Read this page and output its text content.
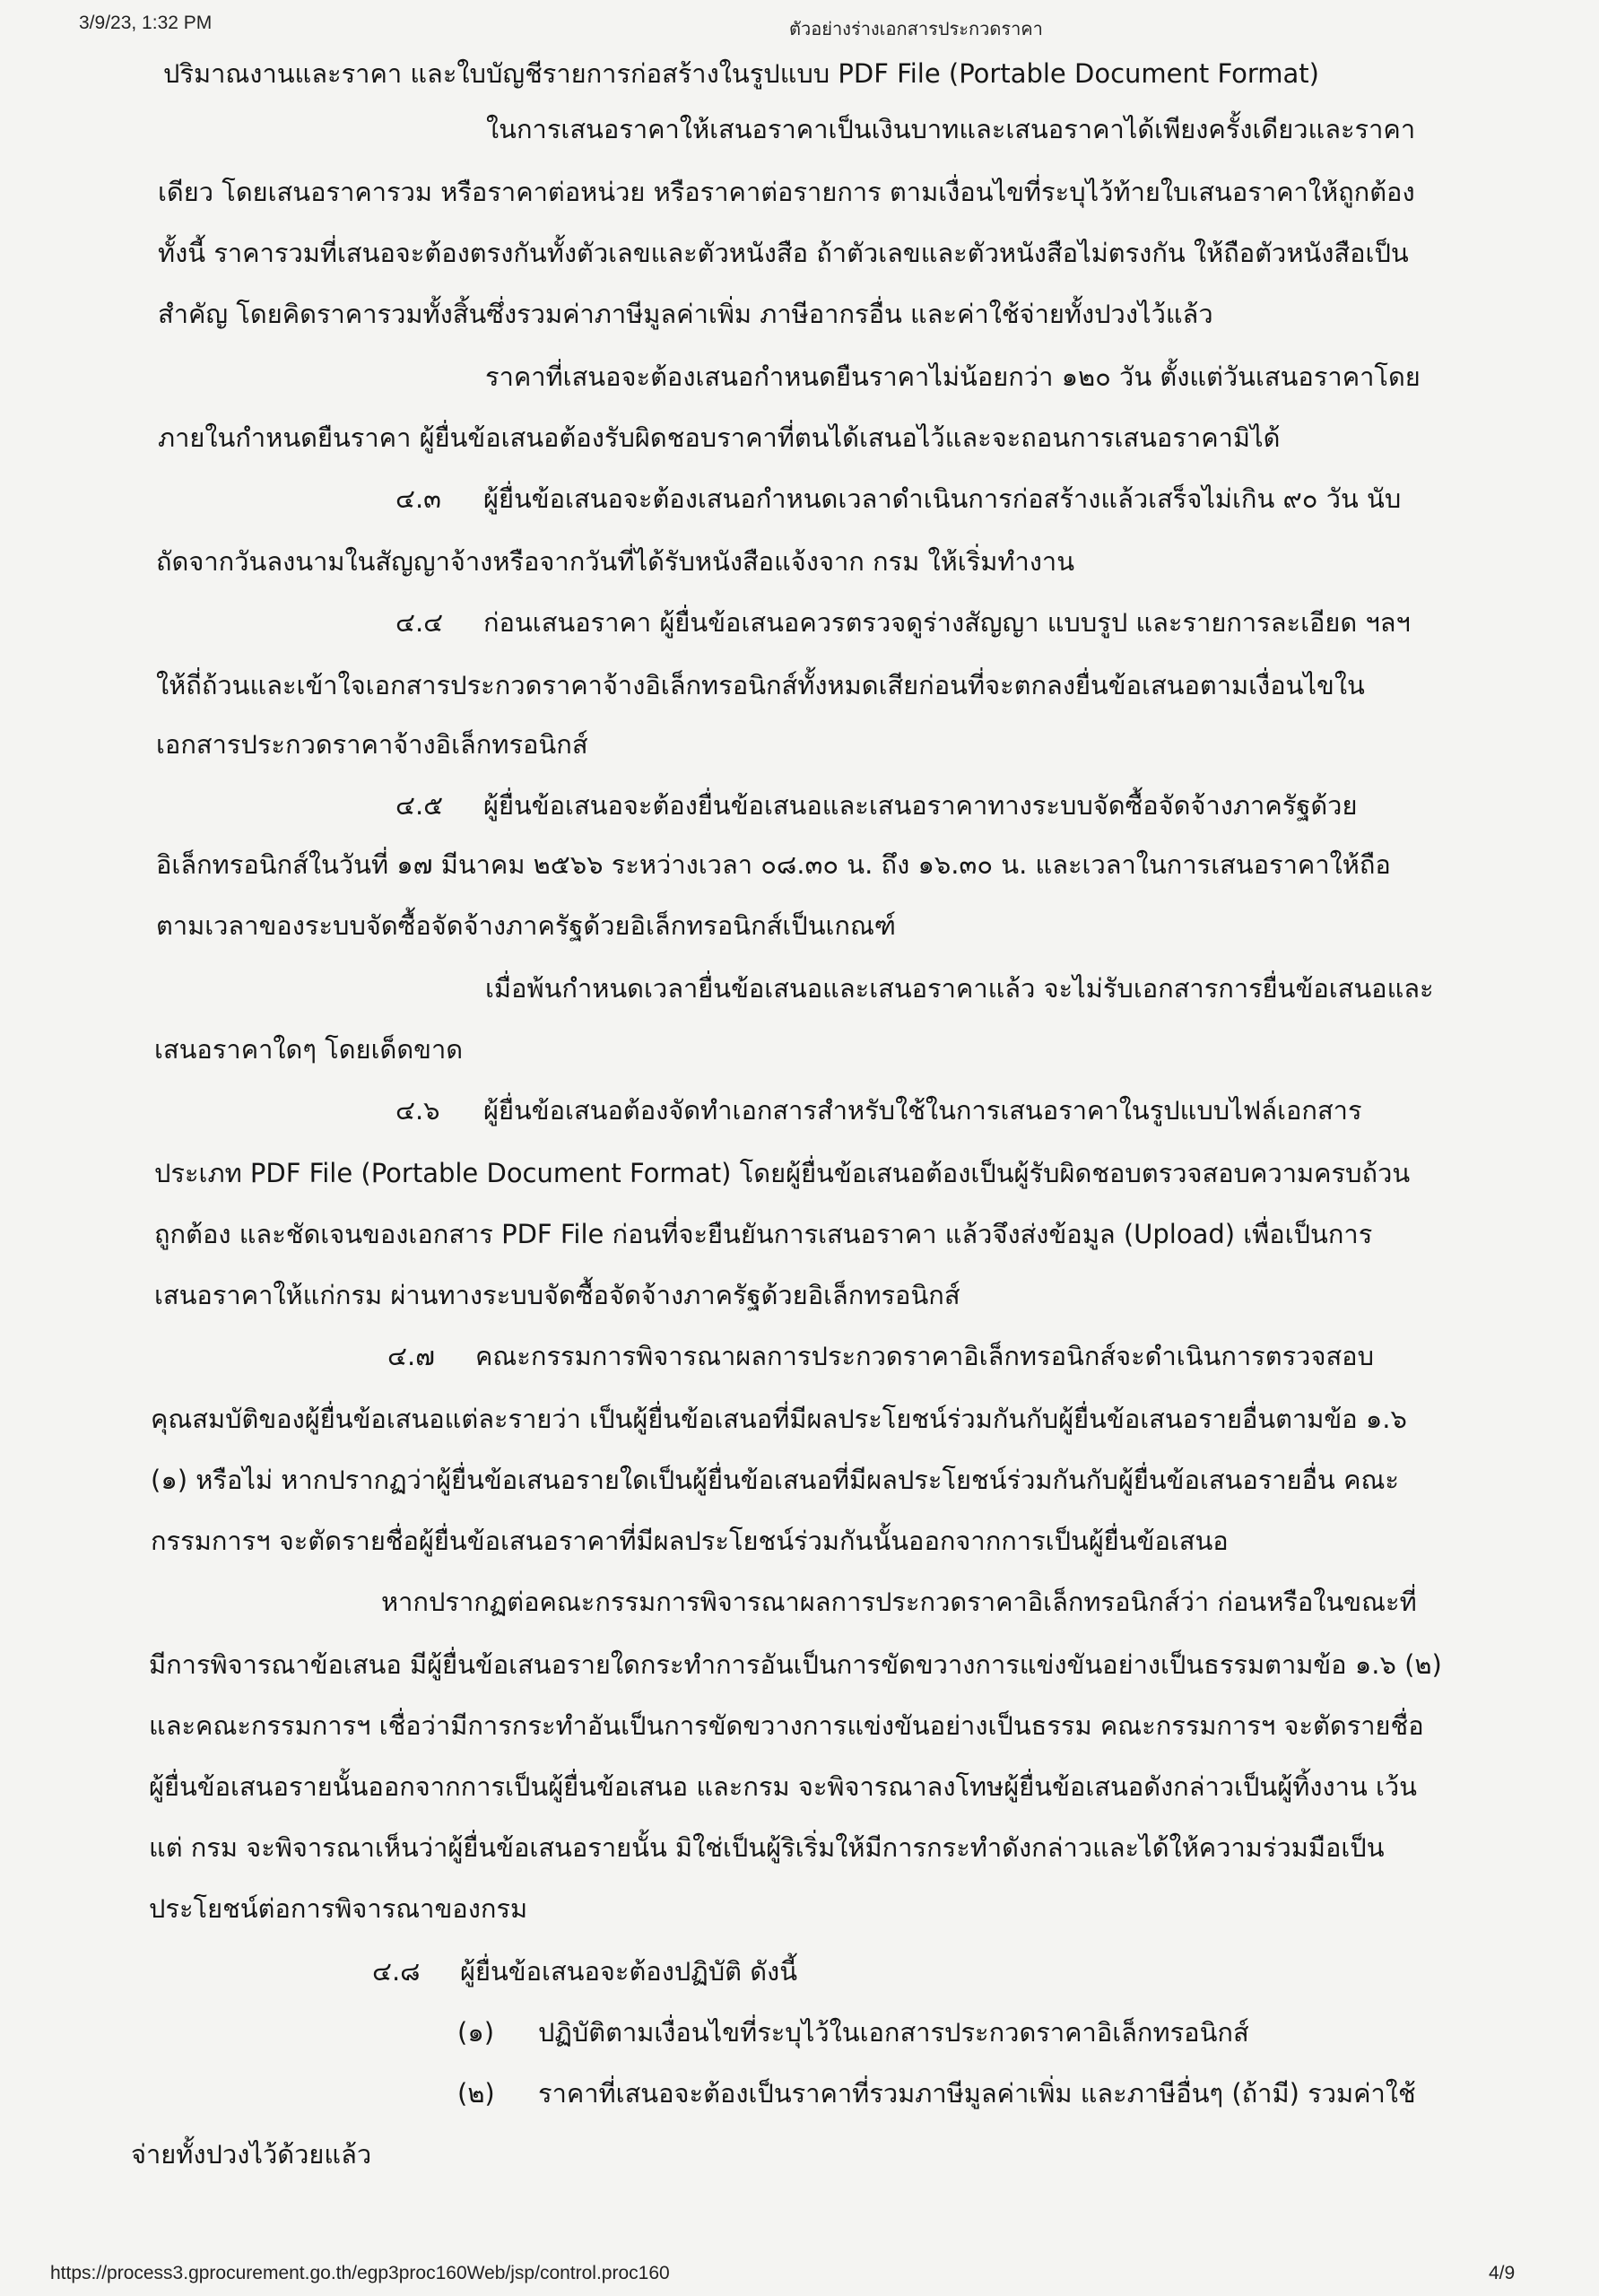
3/9/23, 1:32 PM	ตัวอย่างร่างเอกสารประกวดราคา
ปริมาณงานและราคา และใบบัญชีรายการก่อสร้างในรูปแบบ PDF File (Portable Document Format)
ในการเสนอราคาให้เสนอราคาเป็นเงินบาทและเสนอราคาได้เพียงครั้งเดียวและราคา
เดียว โดยเสนอราคารวม หรือราคาต่อหน่วย หรือราคาต่อรายการ ตามเงื่อนไขที่ระบุไว้ท้ายใบเสนอราคาให้ถูกต้อง
ทั้งนี้ ราคารวมที่เสนอจะต้องตรงกันทั้งตัวเลขและตัวหนังสือ ถ้าตัวเลขและตัวหนังสือไม่ตรงกัน ให้ถือตัวหนังสือเป็น
สำคัญ โดยคิดราคารวมทั้งสิ้นซึ่งรวมค่าภาษีมูลค่าเพิ่ม ภาษีอากรอื่น และค่าใช้จ่ายทั้งปวงไว้แล้ว
ราคาที่เสนอจะต้องเสนอกำหนดยืนราคาไม่น้อยกว่า ๑๒๐ วัน ตั้งแต่วันเสนอราคาโดย
ภายในกำหนดยืนราคา ผู้ยื่นข้อเสนอต้องรับผิดชอบราคาที่ตนได้เสนอไว้และจะถอนการเสนอราคามิได้
๔.๓ ผู้ยื่นข้อเสนอจะต้องเสนอกำหนดเวลาดำเนินการก่อสร้างแล้วเสร็จไม่เกิน ๙๐ วัน นับ
ถัดจากวันลงนามในสัญญาจ้างหรือจากวันที่ได้รับหนังสือแจ้งจาก กรม ให้เริ่มทำงาน
๔.๔ ก่อนเสนอราคา ผู้ยื่นข้อเสนอควรตรวจดูร่างสัญญา แบบรูป และรายการละเอียด ฯลฯ
ให้ถี่ถ้วนและเข้าใจเอกสารประกวดราคาจ้างอิเล็กทรอนิกส์ทั้งหมดเสียก่อนที่จะตกลงยื่นข้อเสนอตามเงื่อนไขใน
เอกสารประกวดราคาจ้างอิเล็กทรอนิกส์
๔.๕ ผู้ยื่นข้อเสนอจะต้องยื่นข้อเสนอและเสนอราคาทางระบบจัดซื้อจัดจ้างภาครัฐด้วย
อิเล็กทรอนิกส์ในวันที่ ๑๗ มีนาคม ๒๕๖๖ ระหว่างเวลา ๐๘.๓๐ น. ถึง ๑๖.๓๐ น. และเวลาในการเสนอราคาให้ถือ
ตามเวลาของระบบจัดซื้อจัดจ้างภาครัฐด้วยอิเล็กทรอนิกส์เป็นเกณฑ์
เมื่อพ้นกำหนดเวลายื่นข้อเสนอและเสนอราคาแล้ว จะไม่รับเอกสารการยื่นข้อเสนอและ
เสนอราคาใดๆ โดยเด็ดขาด
๔.๖ ผู้ยื่นข้อเสนอต้องจัดทำเอกสารสำหรับใช้ในการเสนอราคาในรูปแบบไฟล์เอกสาร
ประเภท PDF File (Portable Document Format) โดยผู้ยื่นข้อเสนอต้องเป็นผู้รับผิดชอบตรวจสอบความครบถ้วน
ถูกต้อง และชัดเจนของเอกสาร PDF File ก่อนที่จะยืนยันการเสนอราคา แล้วจึงส่งข้อมูล (Upload) เพื่อเป็นการ
เสนอราคาให้แก่กรม ผ่านทางระบบจัดซื้อจัดจ้างภาครัฐด้วยอิเล็กทรอนิกส์
๔.๗ คณะกรรมการพิจารณาผลการประกวดราคาอิเล็กทรอนิกส์จะดำเนินการตรวจสอบ
คุณสมบัติของผู้ยื่นข้อเสนอแต่ละรายว่า เป็นผู้ยื่นข้อเสนอที่มีผลประโยชน์ร่วมกันกับผู้ยื่นข้อเสนอรายอื่นตามข้อ ๑.๖
(๑) หรือไม่ หากปรากฏว่าผู้ยื่นข้อเสนอรายใดเป็นผู้ยื่นข้อเสนอที่มีผลประโยชน์ร่วมกันกับผู้ยื่นข้อเสนอรายอื่น คณะ
กรรมการฯ จะตัดรายชื่อผู้ยื่นข้อเสนอราคาที่มีผลประโยชน์ร่วมกันนั้นออกจากการเป็นผู้ยื่นข้อเสนอ
หากปรากฏต่อคณะกรรมการพิจารณาผลการประกวดราคาอิเล็กทรอนิกส์ว่า ก่อนหรือในขณะที่
มีการพิจารณาข้อเสนอ มีผู้ยื่นข้อเสนอรายใดกระทำการอันเป็นการขัดขวางการแข่งขันอย่างเป็นธรรมตามข้อ ๑.๖ (๒)
และคณะกรรมการฯ เชื่อว่ามีการกระทำอันเป็นการขัดขวางการแข่งขันอย่างเป็นธรรม คณะกรรมการฯ จะตัดรายชื่อ
ผู้ยื่นข้อเสนอรายนั้นออกจากการเป็นผู้ยื่นข้อเสนอ และกรม จะพิจารณาลงโทษผู้ยื่นข้อเสนอดังกล่าวเป็นผู้ทิ้งงาน เว้น
แต่ กรม จะพิจารณาเห็นว่าผู้ยื่นข้อเสนอรายนั้น มิใช่เป็นผู้ริเริ่มให้มีการกระทำดังกล่าวและได้ให้ความร่วมมือเป็น
ประโยชน์ต่อการพิจารณาของกรม
๔.๘ ผู้ยื่นข้อเสนอจะต้องปฏิบัติ ดังนี้
(๑) ปฏิบัติตามเงื่อนไขที่ระบุไว้ในเอกสารประกวดราคาอิเล็กทรอนิกส์
(๒) ราคาที่เสนอจะต้องเป็นราคาที่รวมภาษีมูลค่าเพิ่ม และภาษีอื่นๆ (ถ้ามี) รวมค่าใช้
จ่ายทั้งปวงไว้ด้วยแล้ว
https://process3.gprocurement.go.th/egp3proc160Web/jsp/control.proc160	4/9
